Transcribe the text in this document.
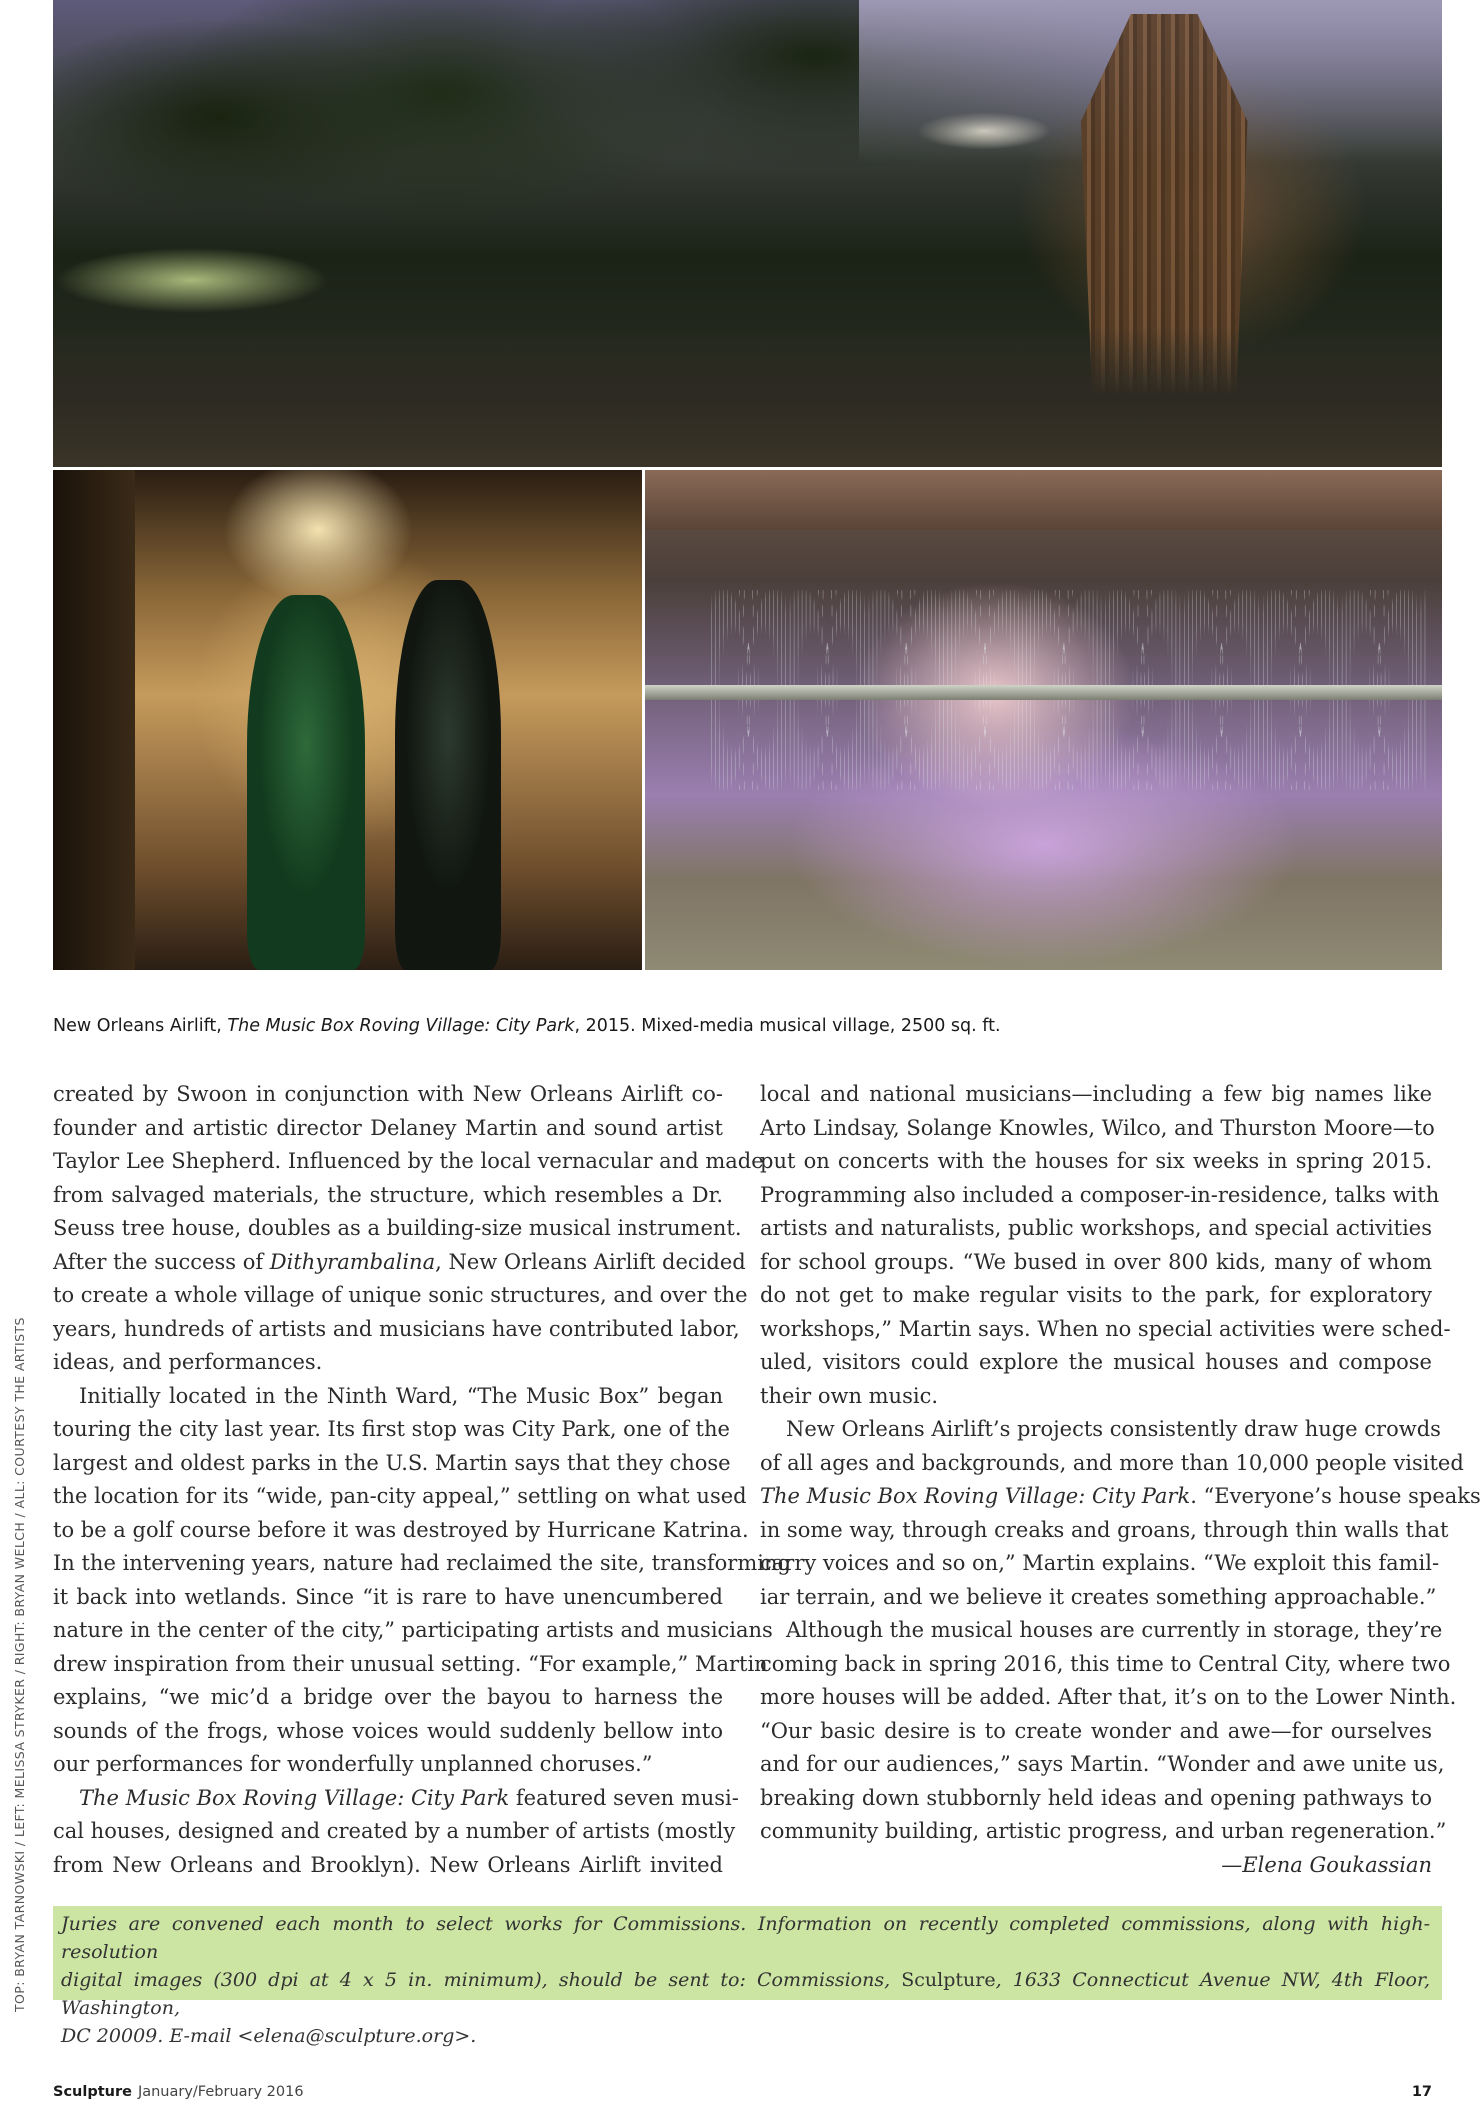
TOP: BRYAN TARNOWSKI / LEFT: MELISSA STRYKER / RIGHT: BRYAN WELCH / ALL: COURTESY THE ARTISTS
New Orleans Airlift, The Music Box Roving Village: City Park, 2015. Mixed-media musical village, 2500 sq. ft.

created by Swoon in conjunction with New Orleans Airlift co-
founder and artistic director Delaney Martin and sound artist
Taylor Lee Shepherd. Influenced by the local vernacular and made
from salvaged materials, the structure, which resembles a Dr.
Seuss tree house, doubles as a building-size musical instrument.
After the success of Dithyrambalina, New Orleans Airlift decided
to create a whole village of unique sonic structures, and over the
years, hundreds of artists and musicians have contributed labor,
ideas, and performances.

Initially located in the Ninth Ward, “The Music Box” began
touring the city last year. Its first stop was City Park, one of the
largest and oldest parks in the U.S. Martin says that they chose
the location for its “wide, pan-city appeal,” settling on what used
to be a golf course before it was destroyed by Hurricane Katrina.
In the intervening years, nature had reclaimed the site, transforming
it back into wetlands. Since “it is rare to have unencumbered
nature in the center of the city,” participating artists and musicians
drew inspiration from their unusual setting. “For example,” Martin
explains, “we mic’d a bridge over the bayou to harness the
sounds of the frogs, whose voices would suddenly bellow into
our performances for wonderfully unplanned choruses.”

The Music Box Roving Village: City Park featured seven musi-
cal houses, designed and created by a number of artists (mostly
from New Orleans and Brooklyn). New Orleans Airlift invited

local and national musicians—including a few big names like
Arto Lindsay, Solange Knowles, Wilco, and Thurston Moore—to
put on concerts with the houses for six weeks in spring 2015.
Programming also included a composer-in-residence, talks with
artists and naturalists, public workshops, and special activities
for school groups. “We bused in over 800 kids, many of whom
do not get to make regular visits to the park, for exploratory
workshops,” Martin says. When no special activities were sched-
uled, visitors could explore the musical houses and compose
their own music.

New Orleans Airlift’s projects consistently draw huge crowds
of all ages and backgrounds, and more than 10,000 people visited
The Music Box Roving Village: City Park. “Everyone’s house speaks
in some way, through creaks and groans, through thin walls that
carry voices and so on,” Martin explains. “We exploit this famil-
iar terrain, and we believe it creates something approachable.”

Although the musical houses are currently in storage, they’re
coming back in spring 2016, this time to Central City, where two
more houses will be added. After that, it’s on to the Lower Ninth.
“Our basic desire is to create wonder and awe—for ourselves
and for our audiences,” says Martin. “Wonder and awe unite us,
breaking down stubbornly held ideas and opening pathways to
community building, artistic progress, and urban regeneration.”

—Elena Goukassian
Juries are convened each month to select works for Commissions. Information on recently completed commissions, along with high-resolution
digital images (300 dpi at 4 x 5 in. minimum), should be sent to: Commissions, Sculpture, 1633 Connecticut Avenue NW, 4th Floor, Washington,
DC 20009. E-mail <elena@sculpture.org>.
Sculpture January/February 2016	17
